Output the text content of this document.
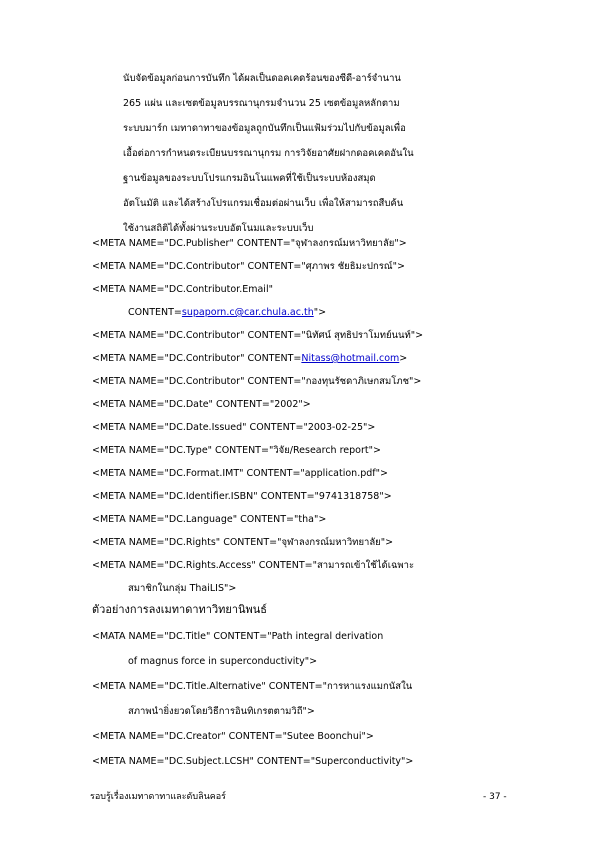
นับจัดข้อมูลก่อนการบันทึก ได้ผลเป็นดอคเคดร้อนของซีดี-อาร์จำนาน
265 แผ่น และเซตข้อมูลบรรณานุกรมจำนวน 25 เซตข้อมูลหลักตาม
ระบบมาร์ก เมทาดาทาของข้อมูลถูกบันทึกเป็นแฟ้มร่วมไปกับข้อมูลเพื่อ
เอื้อต่อการกำหนดระเบียนบรรณานุกรม การวิจัยอาศัยฝากดอคเคดอันใน
ฐานข้อมูลของระบบโปรแกรมอินโนแพคที่ใช้เป็นระบบห้องสมุด
อัตโนมัติ และได้สร้างโปรแกรมเชื่อมต่อผ่านเว็บ เพื่อให้สามารถสืบค้น
ใช้งานสถิติได้ทั้งผ่านระบบอัตโนมและระบบเว็บ
<META NAME="DC.Publisher" CONTENT="จุฬาลงกรณ์มหาวิทยาลัย">
<META NAME="DC.Contributor" CONTENT="ศุภาพร ชัยธิมะปกรณ์">
<META NAME="DC.Contributor.Email"
CONTENT=supaporn.c@car.chula.ac.th">
<META NAME="DC.Contributor" CONTENT="นิทัศน์ สุทธิปราโมทย์นนท์">
<META NAME="DC.Contributor" CONTENT=Nitass@hotmail.com>
<META NAME="DC.Contributor" CONTENT="กองทุนรัชดาภิเษกสมโภช">
<META NAME="DC.Date" CONTENT="2002">
<META NAME="DC.Date.Issued" CONTENT="2003-02-25">
<META NAME="DC.Type" CONTENT="วิจัย/Research report">
<META NAME="DC.Format.IMT" CONTENT="application.pdf">
<META NAME="DC.Identifier.ISBN" CONTENT="9741318758">
<META NAME="DC.Language" CONTENT="tha">
<META NAME="DC.Rights" CONTENT="จุฬาลงกรณ์มหาวิทยาลัย">
<META NAME="DC.Rights.Access" CONTENT="สามารถเข้าใช้ได้เฉพาะ
สมาชิกในกลุ่ม ThaiLIS">
ตัวอย่างการลงเมทาดาทาวิทยานิพนธ์
<MATA NAME="DC.Title" CONTENT="Path integral derivation
of magnus force in superconductivity">
<META NAME="DC.Title.Alternative" CONTENT="การหาแรงแมกนัสใน
สภาพนำยิ่งยวดโดยวิธีการอินทิเกรตตามวิถี">
<META NAME="DC.Creator" CONTENT="Sutee Boonchui">
<META NAME="DC.Subject.LCSH" CONTENT="Superconductivity">
รอบรู้เรื่องเมทาดาทาและดับลินคอร์	- 37 -
